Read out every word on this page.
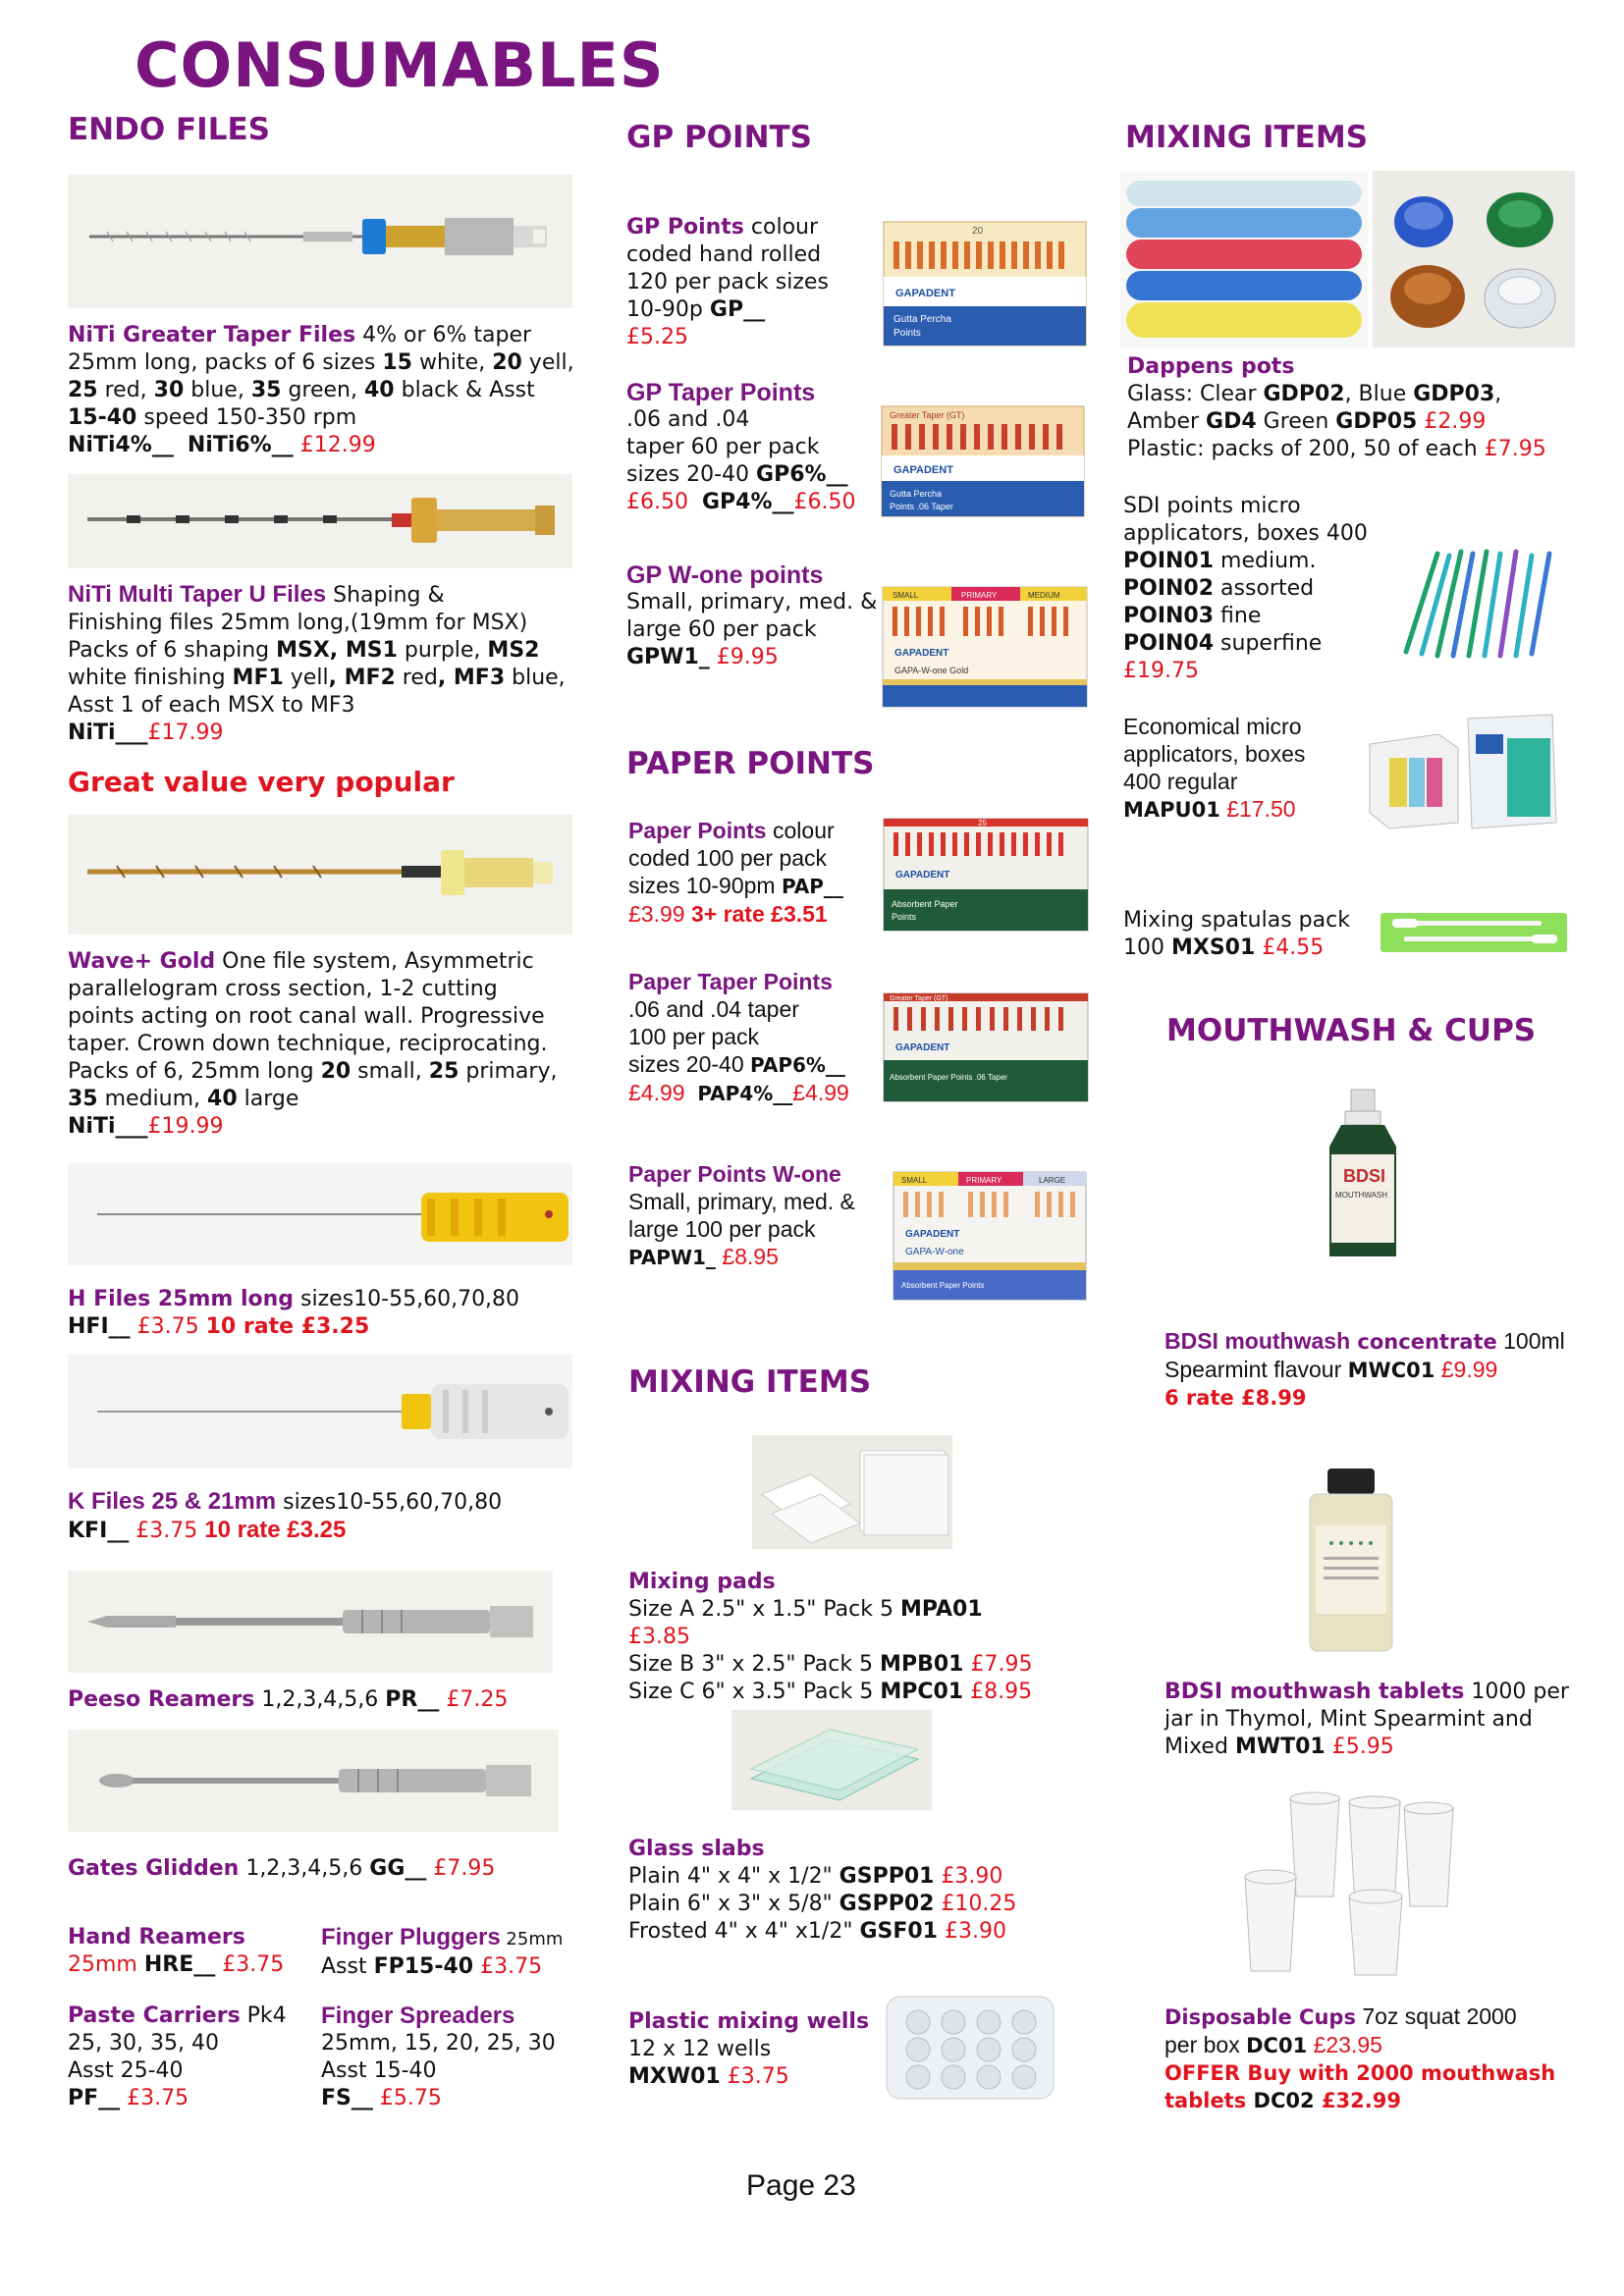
CONSUMABLES
ENDO FILES
NiTi Greater Taper Files 4% or 6% taper
25mm long, packs of 6 sizes 15 white, 20 yell,
25 red, 30 blue, 35 green, 40 black & Asst
15-40 speed 150-350 rpm
NiTi4%__ NiTi6%__ £12.99
NiTi Multi Taper U Files Shaping &
Finishing files 25mm long,(19mm for MSX)
Packs of 6 shaping MSX, MS1 purple, MS2
white finishing MF1 yell, MF2 red, MF3 blue,
Asst 1 of each MSX to MF3
NiTi___£17.99
Great value very popular
Wave+ Gold One file system, Asymmetric
parallelogram cross section, 1-2 cutting
points acting on root canal wall. Progressive
taper. Crown down technique, reciprocating.
Packs of 6, 25mm long 20 small, 25 primary,
35 medium, 40 large
NiTi___£19.99
H Files 25mm long sizes10-55,60,70,80
HFI__ £3.75 10 rate £3.25
K Files 25 & 21mm sizes10-55,60,70,80
KFI__ £3.75 10 rate £3.25
Peeso Reamers 1,2,3,4,5,6 PR__ £7.25
Gates Glidden 1,2,3,4,5,6 GG__ £7.95
Hand Reamers
25mm HRE__ £3.75
Finger Pluggers 25mm
Asst FP15-40 £3.75
Paste Carriers Pk4
25, 30, 35, 40
Asst 25-40
PF__ £3.75
Finger Spreaders
25mm, 15, 20, 25, 30
Asst 15-40
FS__ £5.75
GP POINTS
GP Points colour
coded hand rolled
120 per pack sizes
10-90p GP__
£5.25
20
GAPADENT
Gutta Percha
Points
GP Taper Points
.06 and .04
taper 60 per pack
sizes 20-40 GP6%__
£6.50 GP4%__£6.50
Greater Taper (GT)
GAPADENT
Gutta Percha
Points .06 Taper
GP W-one points
Small, primary, med. &
large 60 per pack
GPW1_ £9.95
SMALL	PRIMARY	MEDIUM
GAPADENT
GAPA-W-one Gold
PAPER POINTS
Paper Points colour
coded 100 per pack
sizes 10-90pm PAP__
£3.99 3+ rate £3.51
25
GAPADENT
Absorbent Paper
Points
Paper Taper Points
.06 and .04 taper
100 per pack
sizes 20-40 PAP6%__
£4.99 PAP4%__£4.99
Greater Taper (GT)
GAPADENT
Absorbent Paper Points .06 Taper
Paper Points W-one
Small, primary, med. &
large 100 per pack
PAPW1_ £8.95
SMALL	PRIMARY	LARGE
GAPADENT
GAPA-W-one
Absorbent Paper Points
MIXING ITEMS
Mixing pads
Size A 2.5" x 1.5" Pack 5 MPA01 £3.85
Size B 3" x 2.5" Pack 5 MPB01 £7.95
Size C 6" x 3.5" Pack 5 MPC01 £8.95
Glass slabs
Plain 4" x 4" x 1/2" GSPP01 £3.90
Plain 6" x 3" x 5/8" GSPP02 £10.25
Frosted 4" x 4" x1/2" GSF01 £3.90
Plastic mixing wells
12 x 12 wells
MXW01 £3.75
MIXING ITEMS
Dappens pots
Glass: Clear GDP02, Blue GDP03,
Amber GD4 Green GDP05 £2.99
Plastic: packs of 200, 50 of each £7.95
SDI points micro
applicators, boxes 400
POIN01 medium.
POIN02 assorted
POIN03 fine
POIN04 superfine
£19.75
Economical micro
applicators, boxes
400 regular
MAPU01 £17.50
Mixing spatulas pack
100 MXS01 £4.55
MOUTHWASH & CUPS
BDSI
MOUTHWASH
BDSI mouthwash concentrate 100ml
Spearmint flavour MWC01 £9.99
6 rate £8.99
BDSI mouthwash tablets 1000 per
jar in Thymol, Mint Spearmint and
Mixed MWT01 £5.95
Disposable Cups 7oz squat 2000
per box DC01 £23.95
OFFER Buy with 2000 mouthwash
tablets DC02 £32.99
Page 23
